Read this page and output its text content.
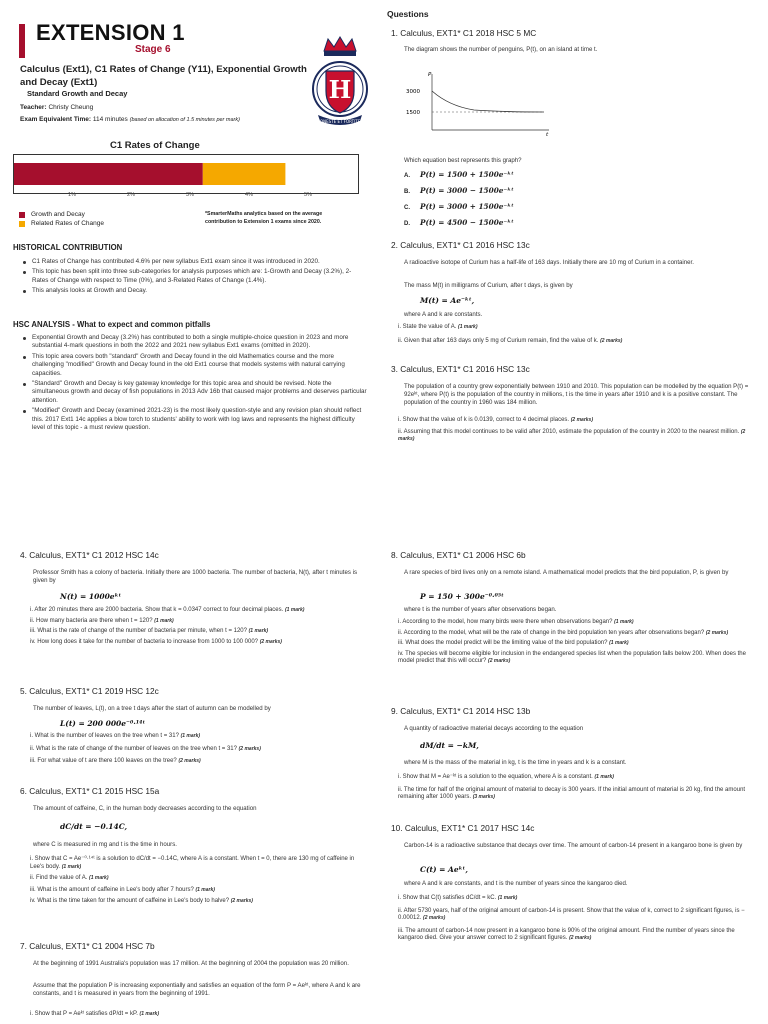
EXTENSION 1
Stage 6
Calculus (Ext1), C1 Rates of Change (Y11), Exponential Growth and Decay (Ext1)
Standard Growth and Decay
Teacher: Christy Cheung
Exam Equivalent Time: 114 minutes (based on allocation of 1.5 minutes per mark)
H
HONESTE ET FORTITER
C1 Rates of Change
1%	2%	3%	4%	5%
Growth and Decay
Related Rates of Change
*SmarterMaths analytics based on the average contribution to Extension 1 exams since 2020.
HISTORICAL CONTRIBUTION
C1 Rates of Change has contributed 4.6% per new syllabus Ext1 exam since it was introduced in 2020.
This topic has been split into three sub-categories for analysis purposes which are: 1-Growth and Decay (3.2%), 2-Rates of Change with respect to Time (0%), and 3-Related Rates of Change (1.4%).
This analysis looks at Growth and Decay.
HSC ANALYSIS - What to expect and common pitfalls
Exponential Growth and Decay (3.2%) has contributed to both a single multiple-choice question in 2023 and more substantial 4-mark questions in both the 2022 and 2021 new syllabus Ext1 exams (omitted in 2020).
This topic area covers both "standard" Growth and Decay found in the old Mathematics course and the more challenging "modified" Growth and Decay found in the old Ext1 course that models systems with natural carrying capacities.
"Standard" Growth and Decay is key gateway knowledge for this topic area and should be revised. Note the simultaneous growth and decay of fish populations in 2013 Adv 16b that caused major problems and deserves particular attention.
"Modified" Growth and Decay (examined 2021-23) is the most likely question-style and any revision plan should reflect this. 2017 Ext1 14c applies a blow torch to students' ability to work with log laws and represents the highest difficulty level of this topic - a must review question.
Questions
1. Calculus, EXT1* C1 2018 HSC 5 MC
The diagram shows the number of penguins, P(t), on an island at time t.
P
3000
1500
t
Which equation best represents this graph?
A. P(t) = 1500 + 1500e⁻ᵏᵗ
B. P(t) = 3000 − 1500e⁻ᵏᵗ
C. P(t) = 3000 + 1500e⁻ᵏᵗ
D. P(t) = 4500 − 1500e⁻ᵏᵗ
2. Calculus, EXT1* C1 2016 HSC 13c
A radioactive isotope of Curium has a half-life of 163 days. Initially there are 10 mg of Curium in a container.
The mass M(t) in milligrams of Curium, after t days, is given by
M(t) = Ae⁻ᵏᵗ,
where A and k are constants.
i. State the value of A. (1 mark)
ii. Given that after 163 days only 5 mg of Curium remain, find the value of k. (2 marks)
3. Calculus, EXT1* C1 2016 HSC 13c
The population of a country grew exponentially between 1910 and 2010. This population can be modelled by the equation P(t) = 92eᵏᵗ, where P(t) is the population of the country in millions, t is the time in years after 1910 and k is a positive constant. The population of the country in 1960 was 184 million.
i. Show that the value of k is 0.0139, correct to 4 decimal places. (2 marks)
ii. Assuming that this model continues to be valid after 2010, estimate the population of the country in 2020 to the nearest million. (2 marks)
4. Calculus, EXT1* C1 2012 HSC 14c
Professor Smith has a colony of bacteria. Initially there are 1000 bacteria. The number of bacteria, N(t), after t minutes is given by
N(t) = 1000eᵏᵗ
i. After 20 minutes there are 2000 bacteria. Show that k = 0.0347 correct to four decimal places. (1 mark)
ii. How many bacteria are there when t = 120? (1 mark)
iii. What is the rate of change of the number of bacteria per minute, when t = 120? (1 mark)
iv. How long does it take for the number of bacteria to increase from 1000 to 100 000? (2 marks)
5. Calculus, EXT1* C1 2019 HSC 12c
The number of leaves, L(t), on a tree t days after the start of autumn can be modelled by
L(t) = 200 000e⁻⁰·¹⁴ᵗ
i. What is the number of leaves on the tree when t = 31? (1 mark)
ii. What is the rate of change of the number of leaves on the tree when t = 31? (2 marks)
iii. For what value of t are there 100 leaves on the tree? (2 marks)
6. Calculus, EXT1* C1 2015 HSC 15a
The amount of caffeine, C, in the human body decreases according to the equation
dC/dt = −0.14C,
where C is measured in mg and t is the time in hours.
i. Show that C = Ae⁻⁰·¹⁴ᵗ is a solution to dC/dt = −0.14C, where A is a constant. When t = 0, there are 130 mg of caffeine in Lee's body. (1 mark)
ii. Find the value of A. (1 mark)
iii. What is the amount of caffeine in Lee's body after 7 hours? (1 mark)
iv. What is the time taken for the amount of caffeine in Lee's body to halve? (2 marks)
7. Calculus, EXT1* C1 2004 HSC 7b
At the beginning of 1991 Australia's population was 17 million. At the beginning of 2004 the population was 20 million.
Assume that the population P is increasing exponentially and satisfies an equation of the form P = Aeᵏᵗ, where A and k are constants, and t is measured in years from the beginning of 1991.
i. Show that P = Aeᵏᵗ satisfies dP/dt = kP. (1 mark)
8. Calculus, EXT1* C1 2006 HSC 6b
A rare species of bird lives only on a remote island. A mathematical model predicts that the bird population, P, is given by
P = 150 + 300e⁻⁰·⁰⁵ᵗ
where t is the number of years after observations began.
i. According to the model, how many birds were there when observations began? (1 mark)
ii. According to the model, what will be the rate of change in the bird population ten years after observations began? (2 marks)
iii. What does the model predict will be the limiting value of the bird population? (1 mark)
iv. The species will become eligible for inclusion in the endangered species list when the population falls below 200. When does the model predict that this will occur? (2 marks)
9. Calculus, EXT1* C1 2014 HSC 13b
A quantity of radioactive material decays according to the equation
dM/dt = −kM,
where M is the mass of the material in kg, t is the time in years and k is a constant.
i. Show that M = Ae⁻ᵏᵗ is a solution to the equation, where A is a constant. (1 mark)
ii. The time for half of the original amount of material to decay is 300 years. If the initial amount of material is 20 kg, find the amount remaining after 1000 years. (3 marks)
10. Calculus, EXT1* C1 2017 HSC 14c
Carbon-14 is a radioactive substance that decays over time. The amount of carbon-14 present in a kangaroo bone is given by
C(t) = Aeᵏᵗ,
where A and k are constants, and t is the number of years since the kangaroo died.
i. Show that C(t) satisfies dC/dt = kC. (1 mark)
ii. After 5730 years, half of the original amount of carbon-14 is present. Show that the value of k, correct to 2 significant figures, is − 0.00012. (2 marks)
iii. The amount of carbon-14 now present in a kangaroo bone is 90% of the original amount. Find the number of years since the kangaroo died. Give your answer correct to 2 significant figures. (2 marks)
